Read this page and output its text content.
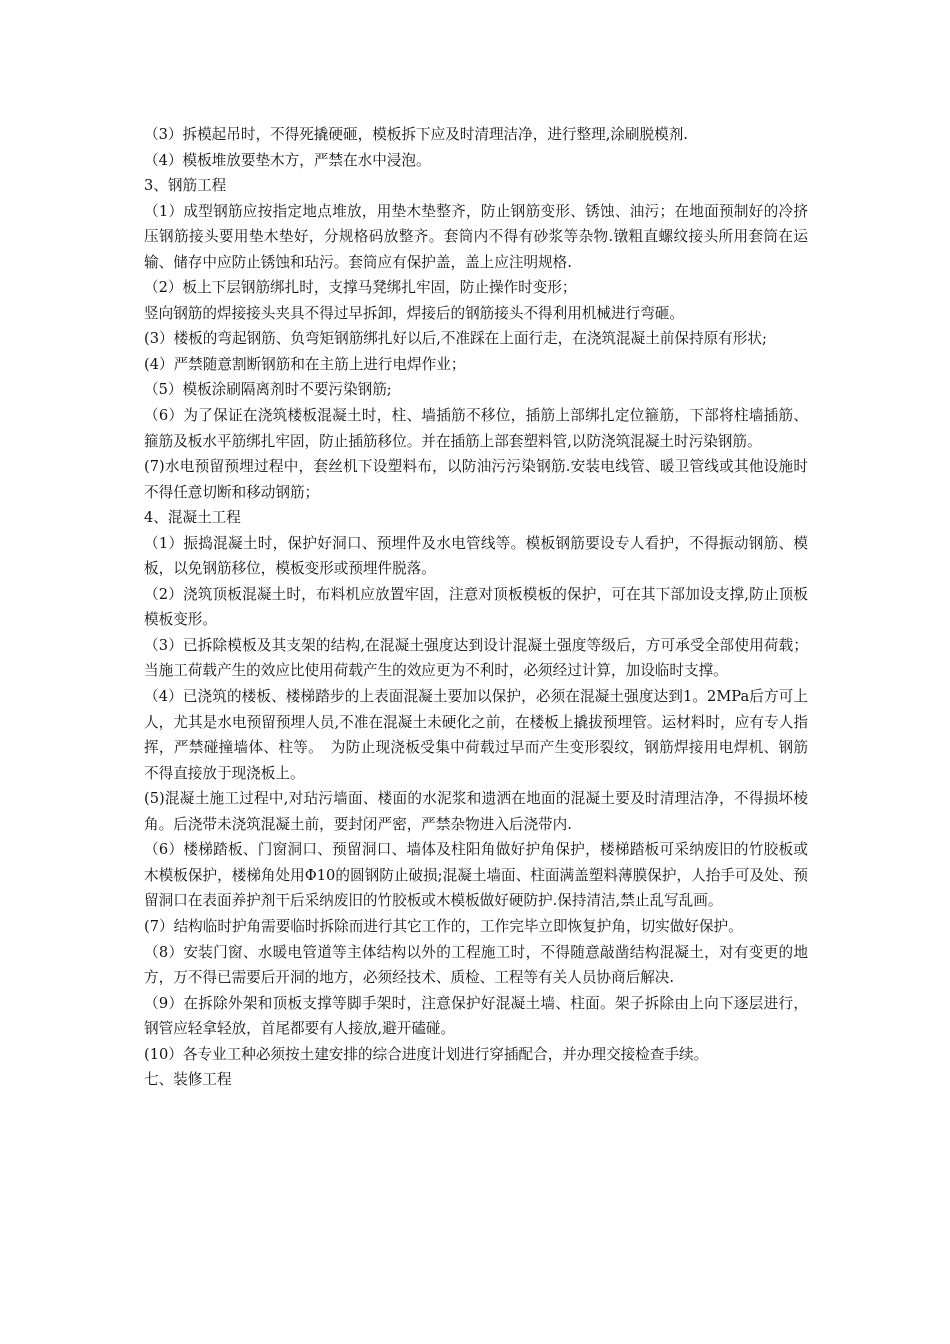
（3）拆模起吊时，不得死撬硬砸，模板拆下应及时清理洁净，进行整理,涂刷脱模剂.

（4）模板堆放要垫木方，严禁在水中浸泡。

3、钢筋工程

（1）成型钢筋应按指定地点堆放，用垫木垫整齐，防止钢筋变形、锈蚀、油污；在地面预制好的冷挤压钢筋接头要用垫木垫好，分规格码放整齐。套筒内不得有砂浆等杂物.镦粗直螺纹接头所用套筒在运输、储存中应防止锈蚀和玷污。套筒应有保护盖，盖上应注明规格.

（2）板上下层钢筋绑扎时，支撑马凳绑扎牢固，防止操作时变形；

竖向钢筋的焊接接头夹具不得过早拆卸，焊接后的钢筋接头不得利用机械进行弯砸。

(3）楼板的弯起钢筋、负弯矩钢筋绑扎好以后,不准踩在上面行走，在浇筑混凝土前保持原有形状;

(4）严禁随意割断钢筋和在主筋上进行电焊作业；

（5）模板涂刷隔离剂时不要污染钢筋;

（6）为了保证在浇筑楼板混凝土时，柱、墙插筋不移位，插筋上部绑扎定位箍筋，下部将柱墙插筋、箍筋及板水平筋绑扎牢固，防止插筋移位。并在插筋上部套塑料管,以防浇筑混凝土时污染钢筋。

(7)水电预留预埋过程中，套丝机下设塑料布，以防油污污染钢筋.安装电线管、暖卫管线或其他设施时不得任意切断和移动钢筋；

4、混凝土工程

（1）振捣混凝土时，保护好洞口、预埋件及水电管线等。模板钢筋要设专人看护，不得振动钢筋、模板，以免钢筋移位，模板变形或预埋件脱落。

（2）浇筑顶板混凝土时，布料机应放置牢固，注意对顶板模板的保护，可在其下部加设支撑,防止顶板模板变形。

（3）已拆除模板及其支架的结构,在混凝土强度达到设计混凝土强度等级后，方可承受全部使用荷载；当施工荷载产生的效应比使用荷载产生的效应更为不利时，必须经过计算，加设临时支撑。

（4）已浇筑的楼板、楼梯踏步的上表面混凝土要加以保护，必须在混凝土强度达到1。2MPa后方可上人，尤其是水电预留预埋人员,不准在混凝土未硬化之前，在楼板上撬拔预埋管。运材料时，应有专人指挥，严禁碰撞墙体、柱等。　为防止现浇板受集中荷载过早而产生变形裂纹，钢筋焊接用电焊机、钢筋不得直接放于现浇板上。

(5)混凝土施工过程中,对玷污墙面、楼面的水泥浆和遗洒在地面的混凝土要及时清理洁净，不得损坏棱角。后浇带未浇筑混凝土前，要封闭严密，严禁杂物进入后浇带内.

（6）楼梯踏板、门窗洞口、预留洞口、墙体及柱阳角做好护角保护，楼梯踏板可采纳废旧的竹胶板或木模板保护，楼梯角处用Φ10的圆钢防止破损;混凝土墙面、柱面满盖塑料薄膜保护，人抬手可及处、预留洞口在表面养护剂干后采纳废旧的竹胶板或木模板做好硬防护.保持清洁,禁止乱写乱画。

(7）结构临时护角需要临时拆除而进行其它工作的，工作完毕立即恢复护角，切实做好保护。

（8）安装门窗、水暖电管道等主体结构以外的工程施工时，不得随意敲凿结构混凝土，对有变更的地方，万不得已需要后开洞的地方，必须经技术、质检、工程等有关人员协商后解决.

（9）在拆除外架和顶板支撑等脚手架时，注意保护好混凝土墙、柱面。架子拆除由上向下逐层进行，钢管应轻拿轻放，首尾都要有人接放,避开磕碰。

(10）各专业工种必须按土建安排的综合进度计划进行穿插配合，并办理交接检查手续。

七、装修工程
